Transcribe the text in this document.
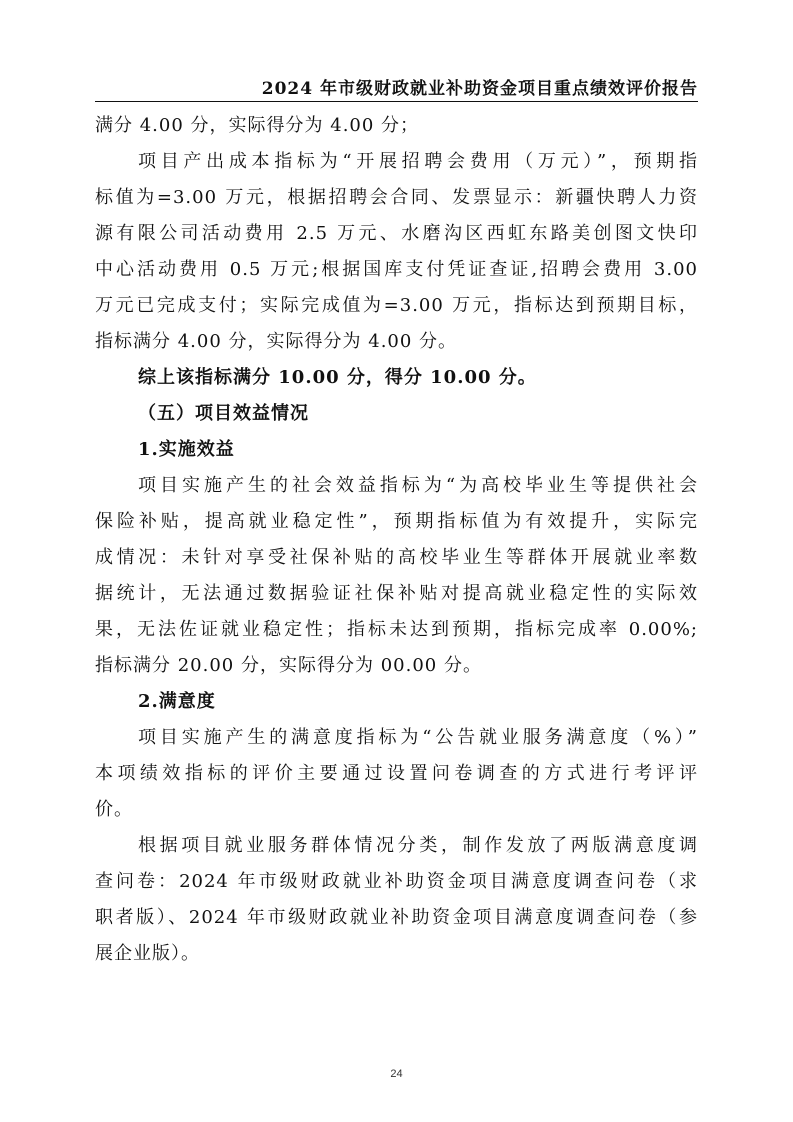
2024 年市级财政就业补助资金项目重点绩效评价报告
满分 4.00 分，实际得分为 4.00 分；
项目产出成本指标为“开展招聘会费用（万元）”，预期指
标值为=3.00 万元，根据招聘会合同、发票显示：新疆快聘人力资
源有限公司活动费用 2.5 万元、水磨沟区西虹东路美创图文快印
中心活动费用 0.5 万元;根据国库支付凭证查证,招聘会费用 3.00
万元已完成支付；实际完成值为=3.00 万元，指标达到预期目标，
指标满分 4.00 分，实际得分为 4.00 分。
综上该指标满分 10.00 分，得分 10.00 分。
（五）项目效益情况
1.实施效益
项目实施产生的社会效益指标为“为高校毕业生等提供社会
保险补贴，提高就业稳定性”，预期指标值为有效提升，实际完
成情况：未针对享受社保补贴的高校毕业生等群体开展就业率数
据统计，无法通过数据验证社保补贴对提高就业稳定性的实际效
果，无法佐证就业稳定性；指标未达到预期，指标完成率 0.00%;
指标满分 20.00 分，实际得分为 00.00 分。
2.满意度
项目实施产生的满意度指标为“公告就业服务满意度（%）”
本项绩效指标的评价主要通过设置问卷调查的方式进行考评评
价。
根据项目就业服务群体情况分类，制作发放了两版满意度调
查问卷：2024 年市级财政就业补助资金项目满意度调查问卷（求
职者版）、2024 年市级财政就业补助资金项目满意度调查问卷（参
展企业版）。
24
